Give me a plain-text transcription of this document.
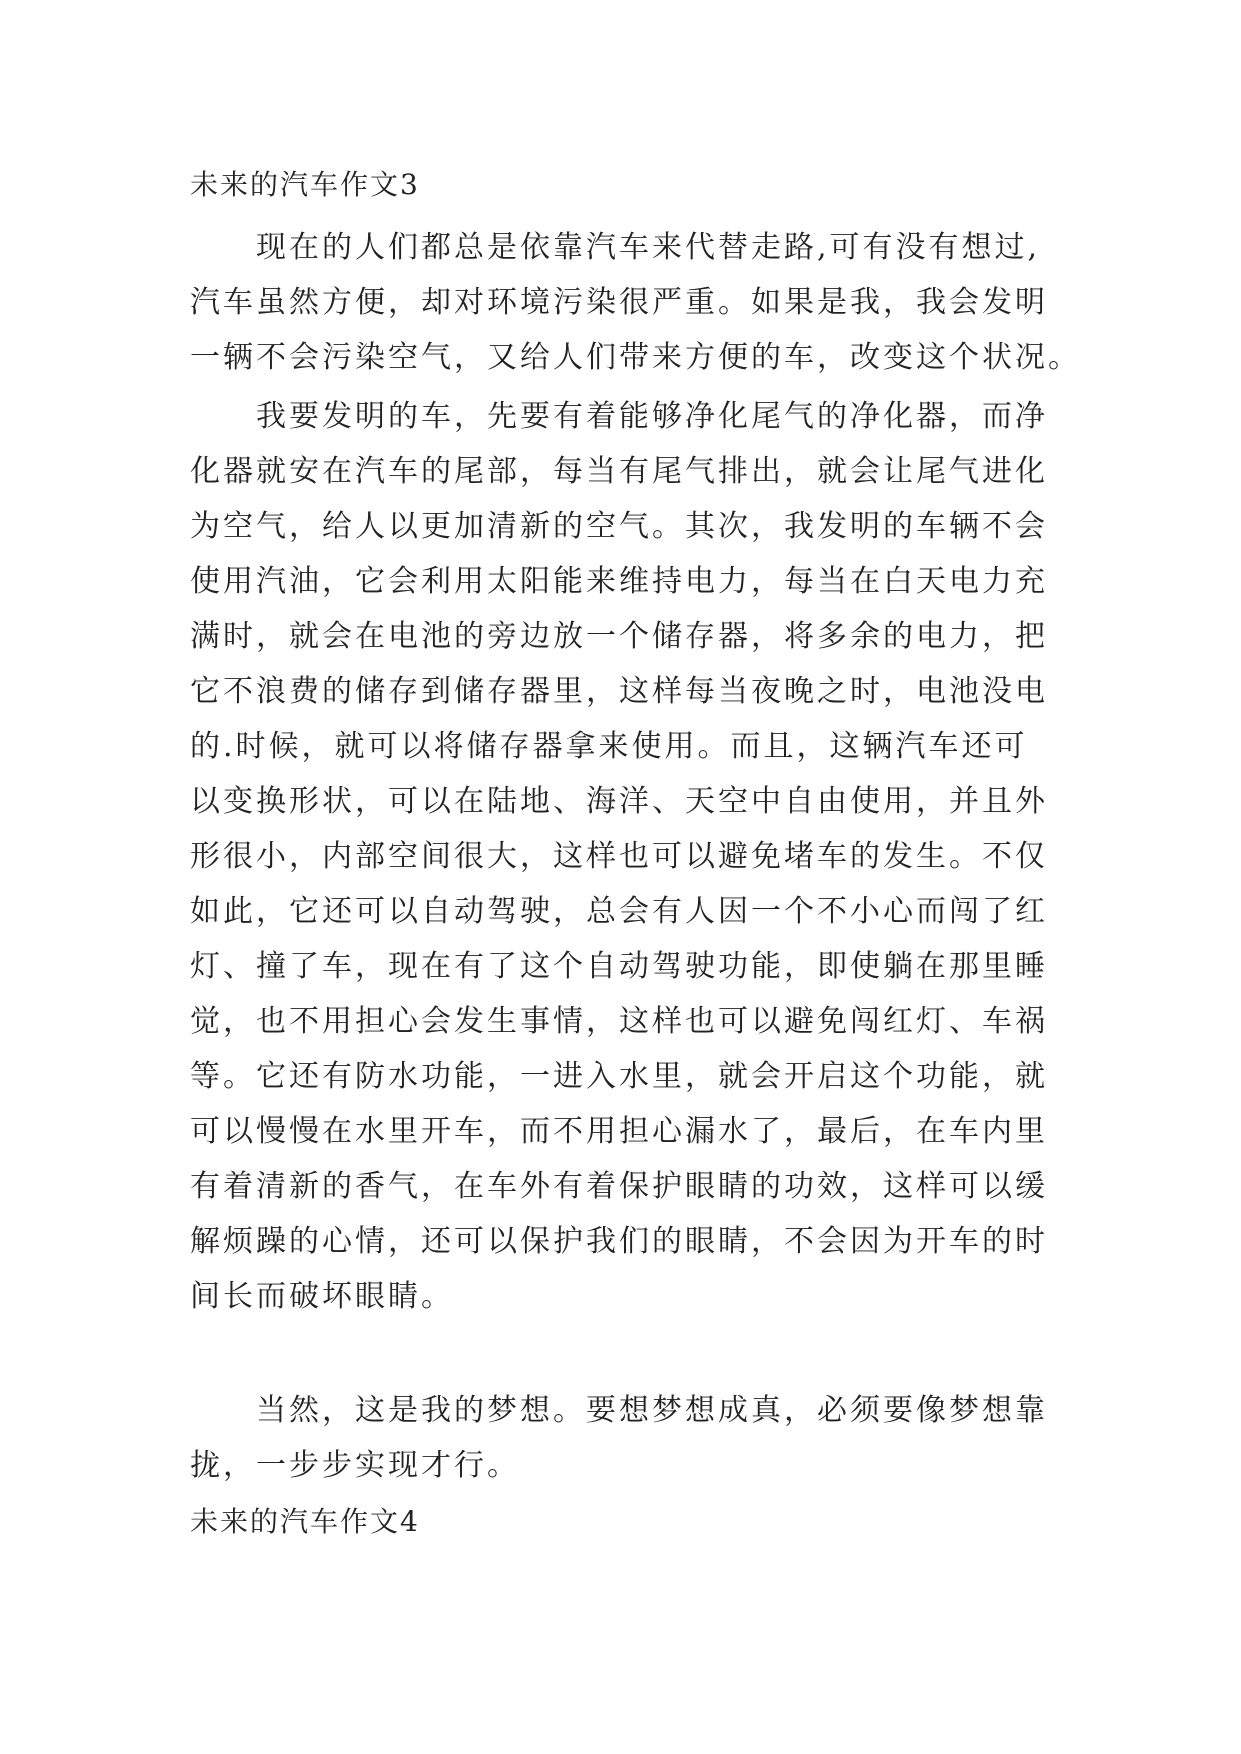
未来的汽车作文3
现在的人们都总是依靠汽车来代替走路,可有没有想过,
汽车虽然方便，却对环境污染很严重。如果是我，我会发明
一辆不会污染空气，又给人们带来方便的车，改变这个状况。
我要发明的车，先要有着能够净化尾气的净化器，而净
化器就安在汽车的尾部，每当有尾气排出，就会让尾气进化
为空气，给人以更加清新的空气。其次，我发明的车辆不会
使用汽油，它会利用太阳能来维持电力，每当在白天电力充
满时，就会在电池的旁边放一个储存器，将多余的电力，把
它不浪费的储存到储存器里，这样每当夜晚之时，电池没电
的.时候，就可以将储存器拿来使用。而且，这辆汽车还可
以变换形状，可以在陆地、海洋、天空中自由使用，并且外
形很小，内部空间很大，这样也可以避免堵车的发生。不仅
如此，它还可以自动驾驶，总会有人因一个不小心而闯了红
灯、撞了车，现在有了这个自动驾驶功能，即使躺在那里睡
觉，也不用担心会发生事情，这样也可以避免闯红灯、车祸
等。它还有防水功能，一进入水里，就会开启这个功能，就
可以慢慢在水里开车，而不用担心漏水了，最后，在车内里
有着清新的香气，在车外有着保护眼睛的功效，这样可以缓
解烦躁的心情，还可以保护我们的眼睛，不会因为开车的时
间长而破坏眼睛。
当然，这是我的梦想。要想梦想成真，必须要像梦想靠
拢，一步步实现才行。
未来的汽车作文4
